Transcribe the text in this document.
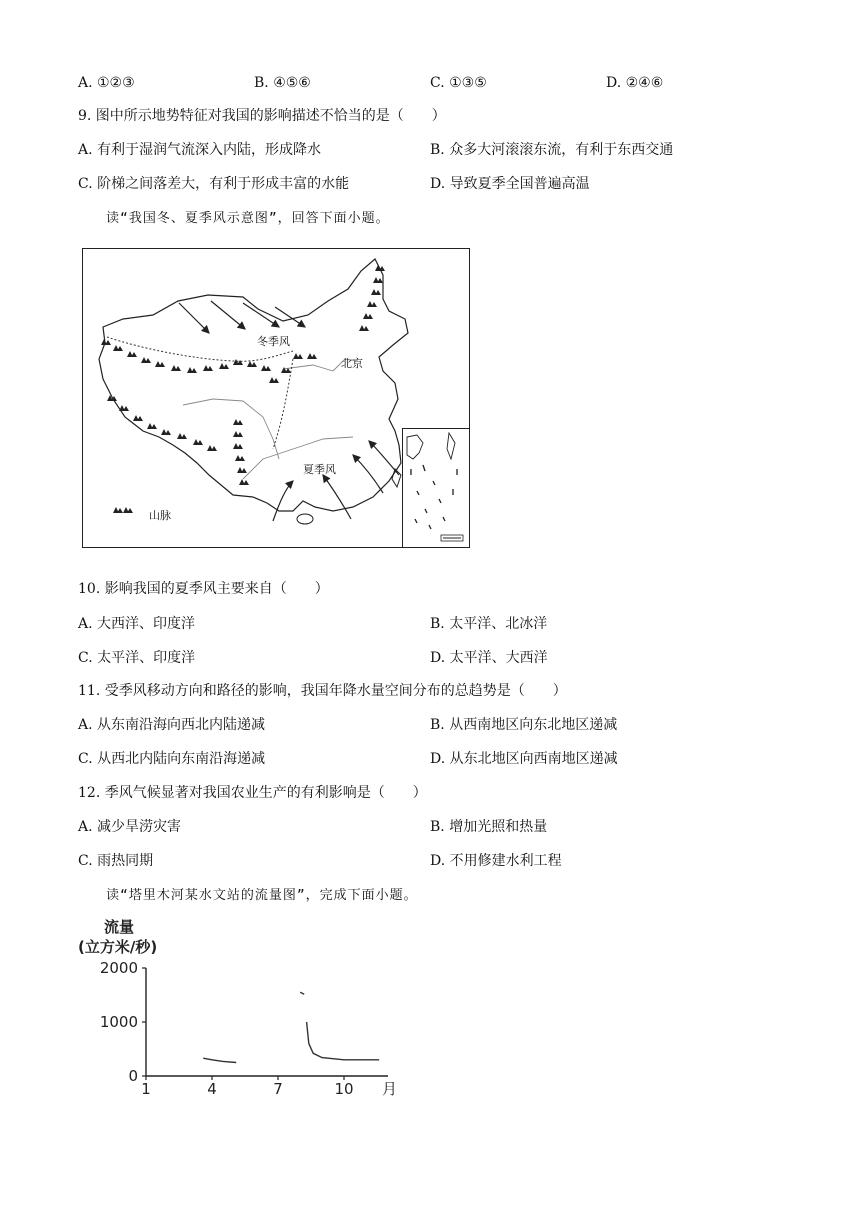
A. ①②③	B. ④⑤⑥	C. ①③⑤	D. ②④⑥
9. 图中所示地势特征对我国的影响描述不恰当的是（　　）
A. 有利于湿润气流深入内陆，形成降水	B. 众多大河滚滚东流，有利于东西交通
C. 阶梯之间落差大，有利于形成丰富的水能	D. 导致夏季全国普遍高温
读“我国冬、夏季风示意图”，回答下面小题。
冬季风
北京
夏季风
山脉
10. 影响我国的夏季风主要来自（　　）
A. 大西洋、印度洋	B. 太平洋、北冰洋
C. 太平洋、印度洋	D. 太平洋、大西洋
11. 受季风移动方向和路径的影响，我国年降水量空间分布的总趋势是（　　）
A. 从东南沿海向西北内陆递减	B. 从西南地区向东北地区递减
C. 从西北内陆向东南沿海递减	D. 从东北地区向西南地区递减
12. 季风气候显著对我国农业生产的有利影响是（　　）
A. 减少旱涝灾害	B. 增加光照和热量
C. 雨热同期	D. 不用修建水利工程
读“塔里木河某水文站的流量图”，完成下面小题。
流量
(立方米/秒)
0
1000
2000
1	4	7	10 月
